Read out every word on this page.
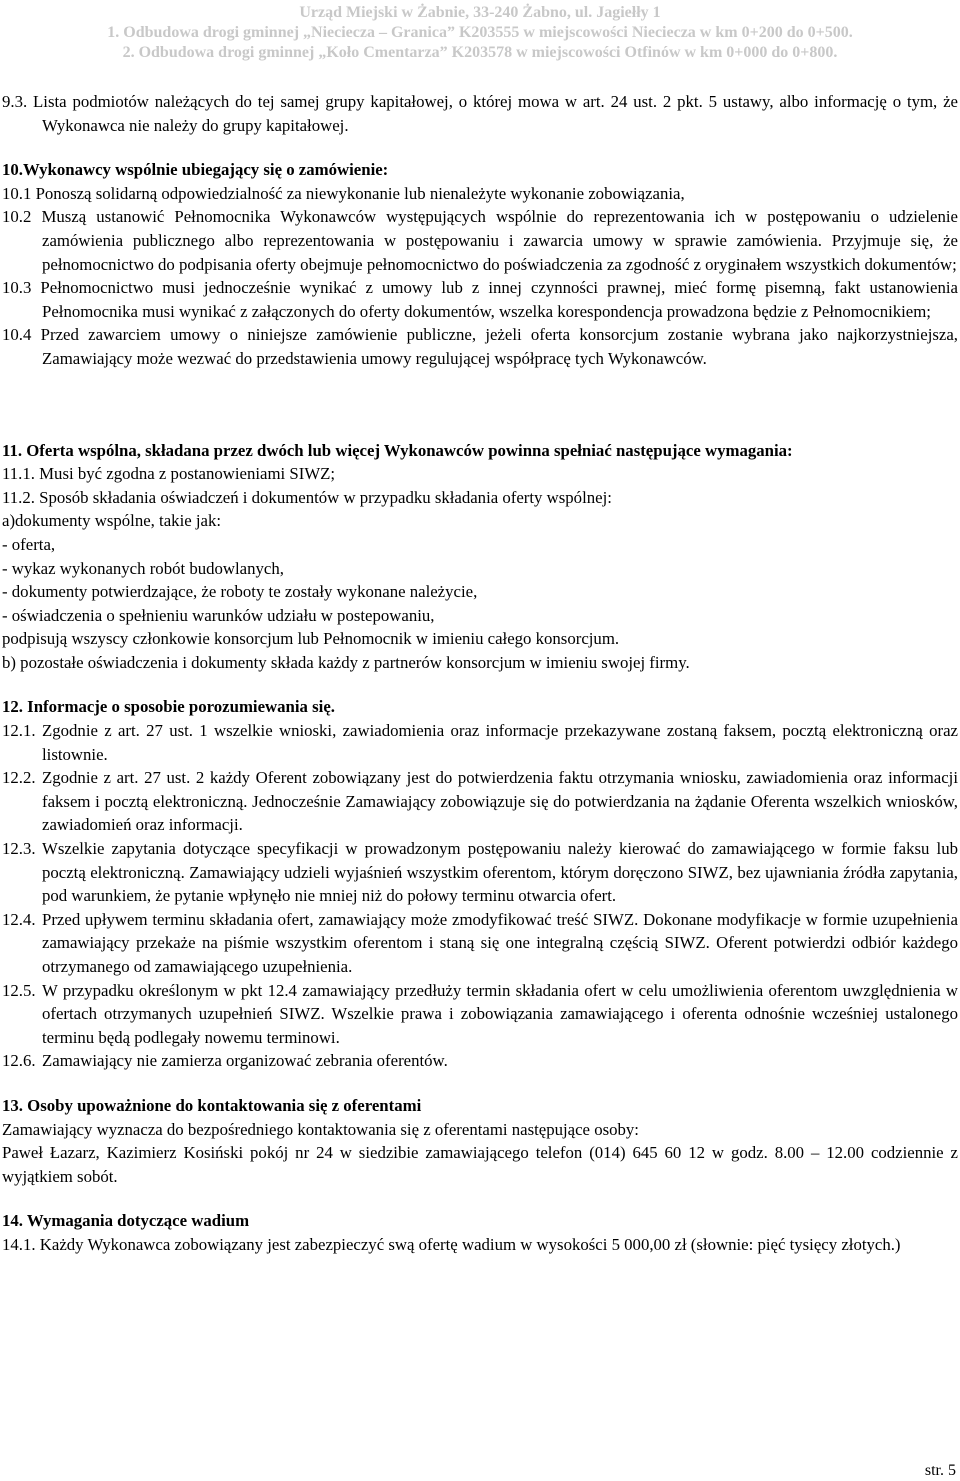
Urząd Miejski w Żabnie, 33-240 Żabno, ul. Jagiełły 1
1. Odbudowa drogi gminnej „Nieciecza – Granica” K203555 w miejscowości Nieciecza w km 0+200 do 0+500.
2. Odbudowa drogi gminnej „Koło Cmentarza” K203578 w miejscowości Otfinów w km 0+000 do 0+800.

9.3. Lista podmiotów należących do tej samej grupy kapitałowej, o której mowa w art. 24 ust. 2 pkt. 5 ustawy, albo informację o tym, że Wykonawca nie należy do grupy kapitałowej.

10.Wykonawcy wspólnie ubiegający się o zamówienie:

10.1 Ponoszą solidarną odpowiedzialność za niewykonanie lub nienależyte wykonanie zobowiązania,

10.2 Muszą ustanowić Pełnomocnika Wykonawców występujących wspólnie do reprezentowania ich w postępowaniu o udzielenie zamówienia publicznego albo reprezentowania w postępowaniu i zawarcia umowy w sprawie zamówienia. Przyjmuje się, że pełnomocnictwo do podpisania oferty obejmuje pełnomocnictwo do poświadczenia za zgodność z oryginałem wszystkich dokumentów;

10.3 Pełnomocnictwo musi jednocześnie wynikać z umowy lub z innej czynności prawnej, mieć formę pisemną, fakt ustanowienia Pełnomocnika musi wynikać z załączonych do oferty dokumentów, wszelka korespondencja prowadzona będzie z Pełnomocnikiem;

10.4 Przed zawarciem umowy o niniejsze zamówienie publiczne, jeżeli oferta konsorcjum zostanie wybrana jako najkorzystniejsza, Zamawiający może wezwać do przedstawienia umowy regulującej współpracę tych Wykonawców.

11. Oferta wspólna, składana przez dwóch lub więcej Wykonawców powinna spełniać następujące wymagania:

11.1. Musi być zgodna z postanowieniami SIWZ;

11.2. Sposób składania oświadczeń i dokumentów w przypadku składania oferty wspólnej:

a)dokumenty wspólne, takie jak:

- oferta,

- wykaz wykonanych robót budowlanych,

- dokumenty potwierdzające, że roboty te zostały wykonane należycie,

- oświadczenia o spełnieniu warunków udziału w postepowaniu,

podpisują wszyscy członkowie konsorcjum lub Pełnomocnik w imieniu całego konsorcjum.

b) pozostałe oświadczenia i dokumenty składa każdy z partnerów konsorcjum w imieniu swojej firmy.

12. Informacje o sposobie porozumiewania się.

12.1. Zgodnie z art. 27 ust. 1 wszelkie wnioski, zawiadomienia oraz informacje przekazywane zostaną faksem, pocztą elektroniczną oraz listownie.

12.2. Zgodnie z art. 27 ust. 2 każdy Oferent zobowiązany jest do potwierdzenia faktu otrzymania wniosku, zawiadomienia oraz informacji faksem i pocztą elektroniczną. Jednocześnie Zamawiający zobowiązuje się do potwierdzania na żądanie Oferenta wszelkich wniosków, zawiadomień oraz informacji.

12.3. Wszelkie zapytania dotyczące specyfikacji w prowadzonym postępowaniu należy kierować do zamawiającego w formie faksu lub pocztą elektroniczną. Zamawiający udzieli wyjaśnień wszystkim oferentom, którym doręczono SIWZ, bez ujawniania źródła zapytania, pod warunkiem, że pytanie wpłynęło nie mniej niż do połowy terminu otwarcia ofert.

12.4. Przed upływem terminu składania ofert, zamawiający może zmodyfikować treść SIWZ. Dokonane modyfikacje w formie uzupełnienia zamawiający przekaże na piśmie wszystkim oferentom i staną się one integralną częścią SIWZ. Oferent potwierdzi odbiór każdego otrzymanego od zamawiającego uzupełnienia.

12.5. W przypadku określonym w pkt 12.4 zamawiający przedłuży termin składania ofert w celu umożliwienia oferentom uwzględnienia w ofertach otrzymanych uzupełnień SIWZ. Wszelkie prawa i zobowiązania zamawiającego i oferenta odnośnie wcześniej ustalonego terminu będą podlegały nowemu terminowi.

12.6. Zamawiający nie zamierza organizować zebrania oferentów.

13. Osoby upoważnione do kontaktowania się z oferentami

Zamawiający wyznacza do bezpośredniego kontaktowania się z oferentami następujące osoby:

Paweł Łazarz, Kazimierz Kosiński pokój nr 24 w siedzibie zamawiającego telefon (014) 645 60 12 w godz. 8.00 – 12.00 codziennie z wyjątkiem sobót.

14. Wymagania dotyczące wadium

14.1. Każdy Wykonawca zobowiązany jest zabezpieczyć swą ofertę wadium w wysokości 5 000,00 zł (słownie: pięć tysięcy złotych.)

str. 5
